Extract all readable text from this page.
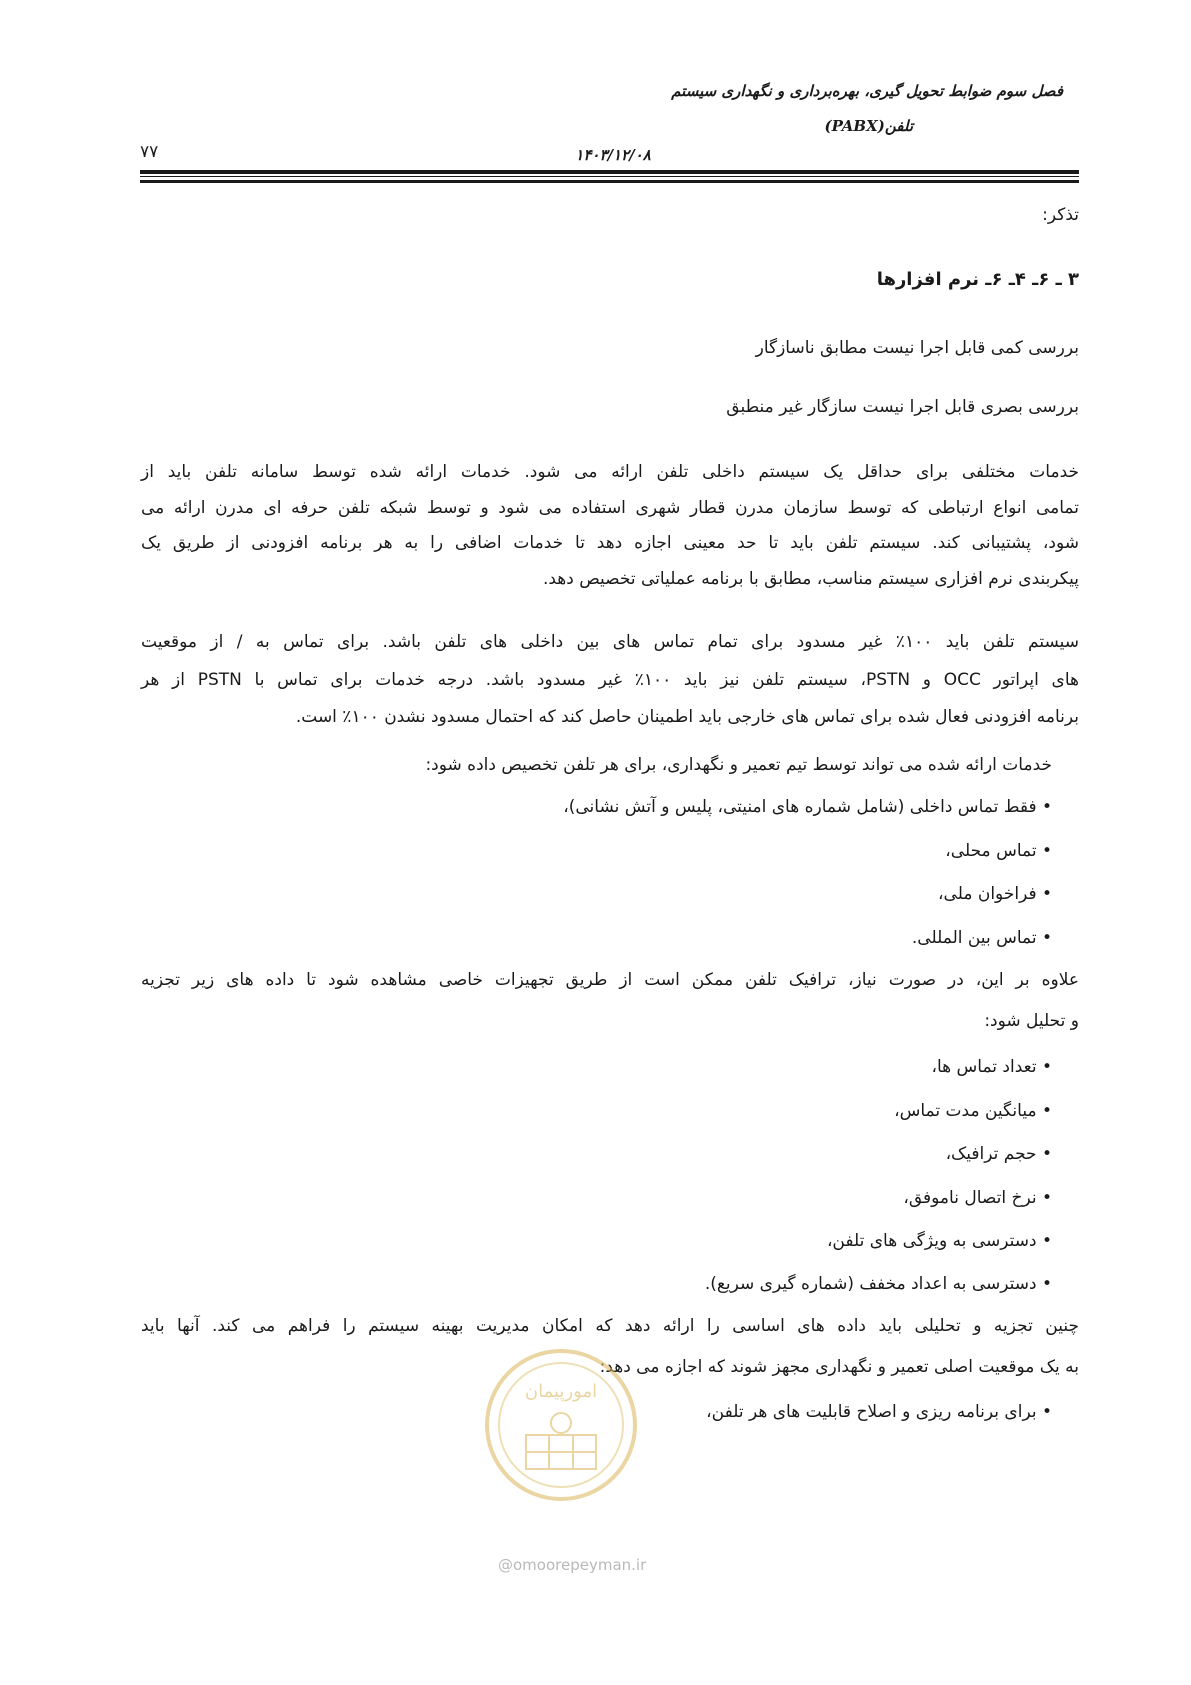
فصل سوم ضوابط تحویل گیری، بهره‌برداری و نگهداری سیستم
تلفن(PABX)
۱۴۰۳/۱۲/۰۸
۷۷
تذکر:
۳ ـ ۶ـ ۴ـ ۶ـ نرم افزارها
بررسی کمی قابل اجرا نیست مطابق ناسازگار
بررسی بصری قابل اجرا نیست سازگار غیر منطبق
خدمات مختلفی برای حداقل یک سیستم داخلی تلفن ارائه می شود. خدمات ارائه شده توسط سامانه تلفن باید از
تمامی انواع ارتباطی که توسط سازمان مدرن قطار شهری استفاده می شود و توسط شبکه تلفن حرفه ای مدرن ارائه می
شود، پشتیبانی کند. سیستم تلفن باید تا حد معینی اجازه دهد تا خدمات اضافی را به هر برنامه افزودنی از طریق یک
پیکربندی نرم افزاری سیستم مناسب، مطابق با برنامه عملیاتی تخصیص دهد.
سیستم تلفن باید ۱۰۰٪ غیر مسدود برای تمام تماس های بین داخلی های تلفن باشد. برای تماس به / از موقعیت
های اپراتور OCC و PSTN، سیستم تلفن نیز باید ۱۰۰٪ غیر مسدود باشد. درجه خدمات برای تماس با PSTN از هر
برنامه افزودنی فعال شده برای تماس های خارجی باید اطمینان حاصل کند که احتمال مسدود نشدن ۱۰۰٪ است.
خدمات ارائه شده می تواند توسط تیم تعمیر و نگهداری، برای هر تلفن تخصیص داده شود:
• فقط تماس داخلی (شامل شماره های امنیتی، پلیس و آتش نشانی)،
• تماس محلی،
• فراخوان ملی،
• تماس بین المللی.
علاوه بر این، در صورت نیاز، ترافیک تلفن ممکن است از طریق تجهیزات خاصی مشاهده شود تا داده های زیر تجزیه
و تحلیل شود:
• تعداد تماس ها،
• میانگین مدت تماس،
• حجم ترافیک،
• نرخ اتصال ناموفق،
• دسترسی به ویژگی های تلفن،
• دسترسی به اعداد مخفف (شماره گیری سریع).
چنین تجزیه و تحلیلی باید داده های اساسی را ارائه دهد که امکان مدیریت بهینه سیستم را فراهم می کند. آنها باید
به یک موقعیت اصلی تعمیر و نگهداری مجهز شوند که اجازه می دهد:
• برای برنامه ریزی و اصلاح قابلیت های هر تلفن،
امورپیمان
@omoorepeyman.ir
